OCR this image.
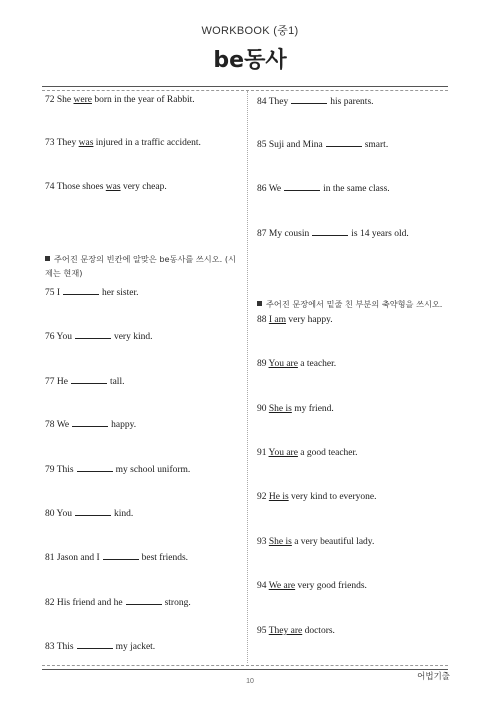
WORKBOOK (중1)
be동사
72 She were born in the year of Rabbit.
73 They was injured in a traffic accident.
74 Those shoes was very cheap.
주어진 문장의 빈칸에 알맞은 be동사를 쓰시오. (시제는 현재)
75 I	her sister.
76 You	very kind.
77 He	tall.
78 We	happy.
79 This	my school uniform.
80 You	kind.
81 Jason and I	best friends.
82 His friend and he	strong.
83 This	my jacket.
84 They	his parents.
85 Suji and Mina	smart.
86 We	in the same class.
87 My cousin	is 14 years old.
주어진 문장에서 밑줄 친 부분의 축약형을 쓰시오.
88 I am very happy.
89 You are a teacher.
90 She is my friend.
91 You are a good teacher.
92 He is very kind to everyone.
93 She is a very beautiful lady.
94 We are very good friends.
95 They are doctors.
10	어법기출
